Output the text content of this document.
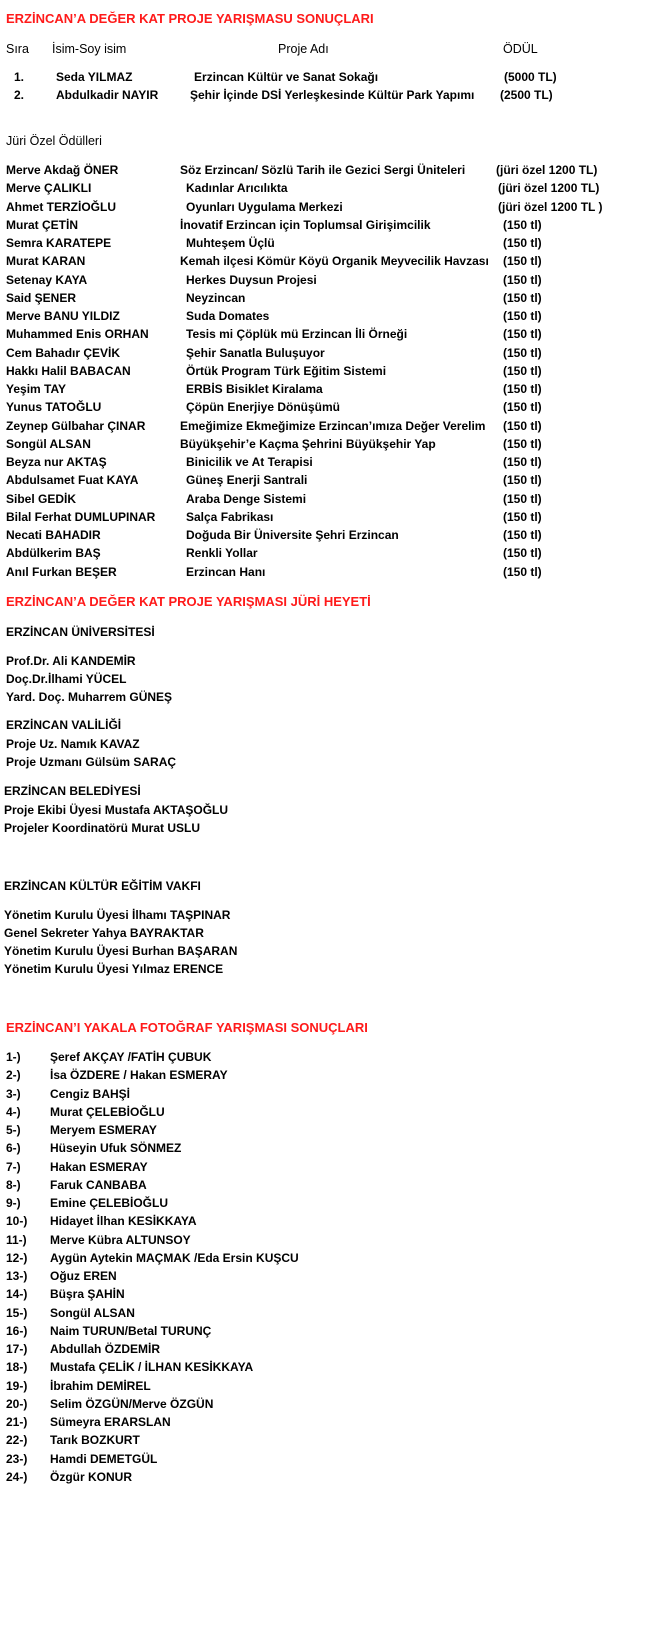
ERZİNCAN’A DEĞER KAT PROJE YARIŞMASU SONUÇLARI
Sıra İsim-Soy isim	Proje Adı	ÖDÜL
1.	Seda YILMAZ	Erzincan Kültür ve Sanat Sokağı	(5000 TL)
2.	Abdulkadir NAYIR	Şehir İçinde DSİ Yerleşkesinde Kültür Park Yapımı (2500 TL)
Jüri Özel Ödülleri
Merve Akdağ ÖNER	Söz Erzincan/ Sözlü Tarih ile Gezici Sergi Üniteleri	(jüri özel 1200 TL)
Merve ÇALIKLI	Kadınlar Arıcılıkta	(jüri özel 1200 TL)
Ahmet TERZİOĞLU	Oyunları Uygulama Merkezi	(jüri özel 1200 TL )
Murat ÇETİN	İnovatif Erzincan için Toplumsal Girişimcilik	(150 tl)
Semra KARATEPE	Muhteşem Üçlü	(150 tl)
Murat KARAN	Kemah ilçesi Kömür Köyü Organik Meyvecilik Havzası (150 tl)
Setenay KAYA	Herkes Duysun Projesi	(150 tl)
Said ŞENER	Neyzincan	(150 tl)
Merve BANU YILDIZ	Suda Domates	(150 tl)
Muhammed Enis ORHAN	Tesis mi Çöplük mü Erzincan İli Örneği	(150 tl)
Cem Bahadır ÇEVİK	Şehir Sanatla Buluşuyor	(150 tl)
Hakkı Halil BABACAN	Örtük Program Türk Eğitim Sistemi	(150 tl)
Yeşim TAY	ERBİS Bisiklet Kiralama	(150 tl)
Yunus TATOĞLU	Çöpün Enerjiye Dönüşümü	(150 tl)
Zeynep Gülbahar ÇINAR	Emeğimize Ekmeğimize Erzincan’ımıza Değer Verelim (150 tl)
Songül ALSAN	Büyükşehir’e Kaçma Şehrini Büyükşehir Yap	(150 tl)
Beyza nur AKTAŞ	Binicilik ve At Terapisi	(150 tl)
Abdulsamet Fuat KAYA	Güneş Enerji Santrali	(150 tl)
Sibel GEDİK	Araba Denge Sistemi	(150 tl)
Bilal Ferhat DUMLUPINAR	Salça Fabrikası	(150 tl)
Necati BAHADIR	Doğuda Bir Üniversite Şehri Erzincan	(150 tl)
Abdülkerim BAŞ	Renkli Yollar	(150 tl)
Anıl Furkan BEŞER	Erzincan Hanı	(150 tl)
ERZİNCAN’A DEĞER KAT PROJE YARIŞMASI JÜRİ HEYETİ
ERZİNCAN ÜNİVERSİTESİ
Prof.Dr. Ali KANDEMİR
Doç.Dr.İlhami YÜCEL
Yard. Doç. Muharrem GÜNEŞ
ERZİNCAN VALİLİĞİ
Proje Uz. Namık KAVAZ
Proje Uzmanı Gülsüm SARAÇ
ERZİNCAN BELEDİYESİ
Proje Ekibi Üyesi Mustafa AKTAŞOĞLU
Projeler Koordinatörü Murat USLU
ERZİNCAN KÜLTÜR EĞİTİM VAKFI
Yönetim Kurulu Üyesi İlhamı TAŞPINAR
Genel Sekreter Yahya BAYRAKTAR
Yönetim Kurulu Üyesi Burhan BAŞARAN
Yönetim Kurulu Üyesi Yılmaz ERENCE
ERZİNCAN’I YAKALA FOTOĞRAF YARIŞMASI SONUÇLARI
1-) Şeref AKÇAY /FATİH ÇUBUK
2-) İsa ÖZDERE / Hakan ESMERAY
3-) Cengiz BAHŞİ
4-) Murat ÇELEBİOĞLU
5-) Meryem ESMERAY
6-) Hüseyin Ufuk SÖNMEZ
7-) Hakan ESMERAY
8-) Faruk CANBABA
9-) Emine ÇELEBİOĞLU
10-) Hidayet İlhan KESİKKAYA
11-) Merve Kübra ALTUNSOY
12-) Aygün Aytekin MAÇMAK /Eda Ersin KUŞCU
13-) Oğuz EREN
14-) Büşra ŞAHİN
15-) Songül ALSAN
16-) Naim TURUN/Betal TURUNÇ
17-) Abdullah ÖZDEMİR
18-) Mustafa ÇELİK / İLHAN KESİKKAYA
19-) İbrahim DEMİREL
20-) Selim ÖZGÜN/Merve ÖZGÜN
21-) Sümeyra ERARSLAN
22-) Tarık BOZKURT
23-) Hamdi DEMETGÜL
24-) Özgür KONUR
